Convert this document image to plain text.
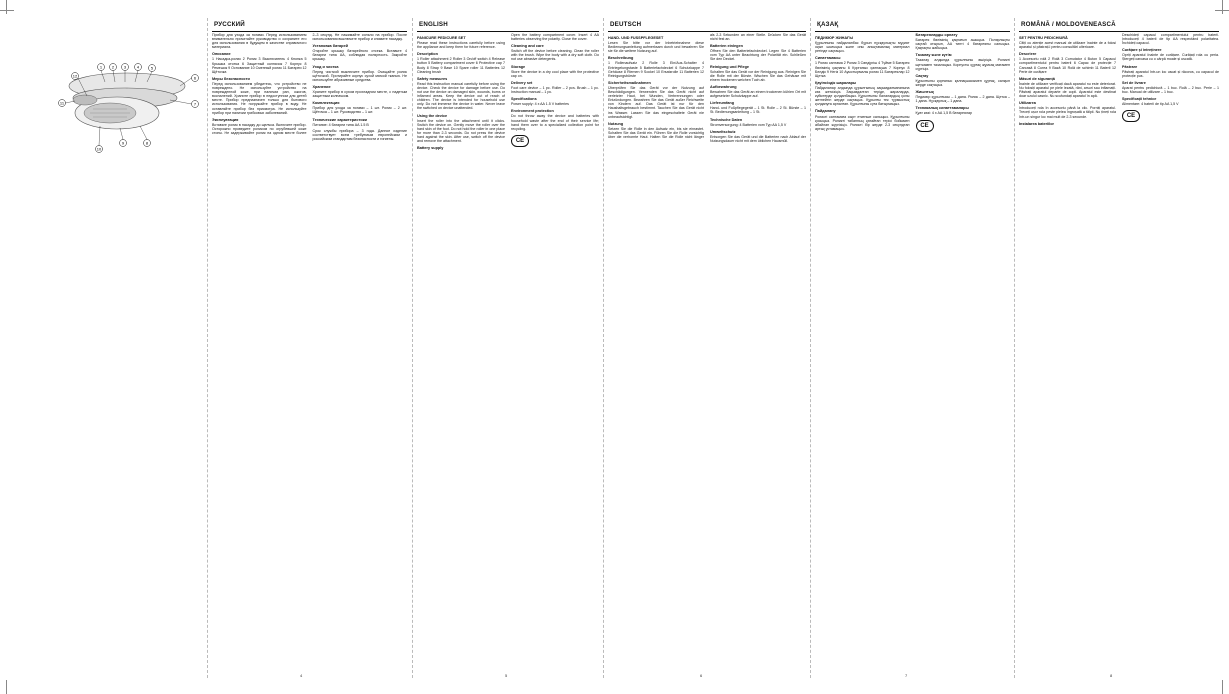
РУССКИЙ	ENGLISH	DEUTSCH	ҚАЗАҚ	ROMÂNĂ / MOLDOVENEASCĂ
1 2 3	4	5
6
7
8
9
10
11
12

Прибор для ухода за ногами. Перед использованием внимательно прочитайте руководство и сохраните его для использования в будущем в качестве справочного материала.

Описание

1 Насадка-ролик 2 Ролик 3 Выключатель 4 Кнопка 5 Крышка отсека 6 Защитный колпачок 7 Корпус 8 Ремешок 9 Основание 10 Сменный ролик 11 Батареи 12 Щёточка

Меры безопасности

Перед использованием убедитесь, что устройство не повреждено. Не используйте устройство на поврежденной коже, при наличии ран, ожогов, воспалений. Храните прибор в недоступном для детей месте. Прибор предназначен только для бытового использования. Не погружайте прибор в воду. Не оставляйте прибор без присмотра. Не используйте прибор при наличии грибковых заболеваний.

Эксплуатация

Вставьте ролик в насадку до щелчка. Включите прибор. Осторожно проведите роликом по огрубевшей коже стопы. Не задерживайте ролик на одном месте более 2–3 секунд. Не нажимайте сильно на прибор. После использования выключите прибор и снимите насадку.

Установка батарей

Откройте крышку батарейного отсека. Вставьте 4 батареи типа AA, соблюдая полярность. Закройте крышку.

Уход и чистка

Перед чисткой выключите прибор. Очищайте ролик щёточкой. Протирайте корпус сухой мягкой тканью. Не используйте абразивные средства.

Хранение

Храните прибор в сухом прохладном месте, с надетым защитным колпачком.

Комплектация

Прибор для ухода за ногами – 1 шт. Ролик – 2 шт. Щёточка – 1 шт. Руководство – 1 шт.

Технические характеристики

Питание: 4 батареи типа AA 1.5 В

Срок службы прибора – 3 года. Данное изделие соответствует всем требуемым европейским и российским стандартам безопасности и гигиены.

PANICURE PEDICURE SET

Please read these instructions carefully before using the appliance and keep them for future reference.

Description

1 Roller attachment 2 Roller 3 On/off switch 4 Release button 5 Battery compartment cover 6 Protective cap 7 Body 8 Strap 9 Base 10 Spare roller 11 Batteries 12 Cleaning brush

Safety measures

Read this instruction manual carefully before using the device. Check the device for damage before use. Do not use the device on damaged skin, wounds, burns or inflamed areas. Keep the device out of reach of children. The device is intended for household use only. Do not immerse the device in water. Never leave the switched on device unattended.

Using the device

Insert the roller into the attachment until it clicks. Switch the device on. Gently move the roller over the hard skin of the foot. Do not hold the roller in one place for more than 2-3 seconds. Do not press the device hard against the skin. After use, switch off the device and remove the attachment.

Battery supply

Open the battery compartment cover. Insert 4 AA batteries observing the polarity. Close the cover.

Cleaning and care

Switch off the device before cleaning. Clean the roller with the brush. Wipe the body with a dry soft cloth. Do not use abrasive detergents.

Storage

Store the device in a dry cool place with the protective cap on.

Delivery set

Foot care device – 1 pc. Roller – 2 pcs. Brush – 1 pc. Instruction manual – 1 pc.

Specifications

Power supply: 4 x AA 1.5 V batteries

Environment protection

Do not throw away the device and batteries with household waste after the end of their service life; hand them over to a specialized collection point for recycling.

CE
HAND- UND FUSSPFLEGESET

Lesen Sie bitte vor der Inbetriebnahme diese Bedienungsanleitung aufmerksam durch und bewahren Sie sie für die weitere Nutzung auf.

Beschreibung

1 Rollenaufsatz 2 Rolle 3 Ein/Aus-Schalter 4 Entriegelungstaste 5 Batteriefachdeckel 6 Schutzkappe 7 Gehäuse 8 Riemen 9 Sockel 10 Ersatzrolle 11 Batterien 12 Reinigungsbürste

Sicherheitsmaßnahmen

Überprüfen Sie das Gerät vor der Nutzung auf Beschädigungen. Verwenden Sie das Gerät nicht auf verletzter Haut, bei Wunden, Verbrennungen oder Entzündungen. Bewahren Sie das Gerät außer Reichweite von Kindern auf. Das Gerät ist nur für den Haushaltsgebrauch bestimmt. Tauchen Sie das Gerät nicht ins Wasser. Lassen Sie das eingeschaltete Gerät nie unbeaufsichtigt.

Nutzung

Setzen Sie die Rolle in den Aufsatz ein, bis sie einrastet. Schalten Sie das Gerät ein. Führen Sie die Rolle vorsichtig über die verhornte Haut. Halten Sie die Rolle nicht länger als 2-3 Sekunden an einer Stelle. Drücken Sie das Gerät nicht fest an.

Batterien einlegen

Öffnen Sie den Batteriefachdeckel. Legen Sie 4 Batterien vom Typ AA unter Beachtung der Polarität ein. Schließen Sie den Deckel.

Reinigung und Pflege

Schalten Sie das Gerät vor der Reinigung aus. Reinigen Sie die Rolle mit der Bürste. Wischen Sie das Gehäuse mit einem trockenen weichen Tuch ab.

Aufbewahrung

Bewahren Sie das Gerät an einem trockenen kühlen Ort mit aufgesetzter Schutzkappe auf.

Lieferumfang

Hand- und Fußpflegegerät – 1 St. Rolle – 2 St. Bürste – 1 St. Bedienungsanleitung – 1 St.

Technische Daten

Stromversorgung: 4 Batterien vom Typ AA 1,5 V

Umweltschutz

Entsorgen Sie das Gerät und die Batterien nach Ablauf der Nutzungsdauer nicht mit dem üblichen Hausmüll.

ПЕДИКЮР ЖИНАҒЫ

Құрылғыны пайдаланбас бұрын нұсқаулықты мұқият оқып шығыңыз және оны анықтамалық материал ретінде сақтаңыз.

Сипаттамасы

1 Ролик саптама 2 Ролик 3 Сөндіргіш 4 Түйме 5 Батарея бөлімінің қақпағы 6 Қорғаныс қалпақша 7 Корпус 8 Белдік 9 Негіз 10 Ауыстырмалы ролик 11 Батареялар 12 Щетка

Қауіпсіздік шаралары

Пайдаланар алдында құрылғының зақымдалмағанына көз жеткізіңіз. Зақымдалған теріде, жараларда, күйіктерде қолданбаңыз. Құрылғыны балалардың қолы жетпейтін жерде сақтаңыз. Құрылғы тек тұрмыстық қолдануға арналған. Құрылғыны суға батырмаңыз.

Пайдалану

Роликті саптамаға сырт еткенше салыңыз. Құрылғыны қосыңыз. Роликті табанның қатайған терісі бойымен абайлап жүргізіңіз. Роликті бір жерде 2-3 секундтан артық ұстамаңыз.

Батареяларды орнату

Батарея бөлімінің қақпағын ашыңыз. Полярлықты сақтай отырып, AA типті 4 батареяны салыңыз. Қақпақты жабыңыз.

Тазалау және күтім

Тазалау алдында құрылғыны өшіріңіз. Роликті щеткамен тазалаңыз. Корпусты құрғақ жұмсақ матамен сүртіңіз.

Сақтау

Құрылғыны қорғаныс қалпақшасымен құрғақ, салқын жерде сақтаңыз.

Жиынтық

Педикюр құрылғысы – 1 дана. Ролик – 2 дана. Щетка – 1 дана. Нұсқаулық – 1 дана.

Техникалық сипаттамалары

Қуат көзі: 4 x AA 1,5 В батареялар

CE
SET PENTRU PEDICHIURĂ

Citiți cu atenție acest manual de utilizare înainte de a folosi aparatul și păstrați-l pentru consultări ulterioare.

Descriere

1 Accesoriu rolă 2 Rolă 3 Comutator 4 Buton 5 Capacul compartimentului pentru baterii 6 Capac de protecție 7 Carcasă 8 Curea 9 Bază 10 Rolă de schimb 11 Baterii 12 Perie de curățare

Măsuri de siguranță

Înainte de utilizare verificați dacă aparatul nu este deteriorat. Nu folosiți aparatul pe piele lezată, răni, arsuri sau inflamații. Păstrați aparatul departe de copii. Aparatul este destinat doar uzului casnic. Nu scufundați aparatul în apă.

Utilizarea

Introduceți rola în accesoriu până la clic. Porniți aparatul. Treceți ușor rola peste pielea îngroșată a tălpii. Nu țineți rola într-un singur loc mai mult de 2-3 secunde.

Instalarea bateriilor

Deschideți capacul compartimentului pentru baterii. Introduceți 4 baterii de tip AA respectând polaritatea. Închideți capacul.

Curățare și întreținere

Opriți aparatul înainte de curățare. Curățați rola cu peria. Ștergeți carcasa cu o cârpă moale și uscată.

Păstrare

Păstrați aparatul într-un loc uscat și răcoros, cu capacul de protecție pus.

Set de livrare

Aparat pentru pedichiură – 1 buc. Rolă – 2 buc. Perie – 1 buc. Manual de utilizare – 1 buc.

Specificații tehnice

Alimentare: 4 baterii de tip AA 1,5 V

CE
4	5	6	7	8
